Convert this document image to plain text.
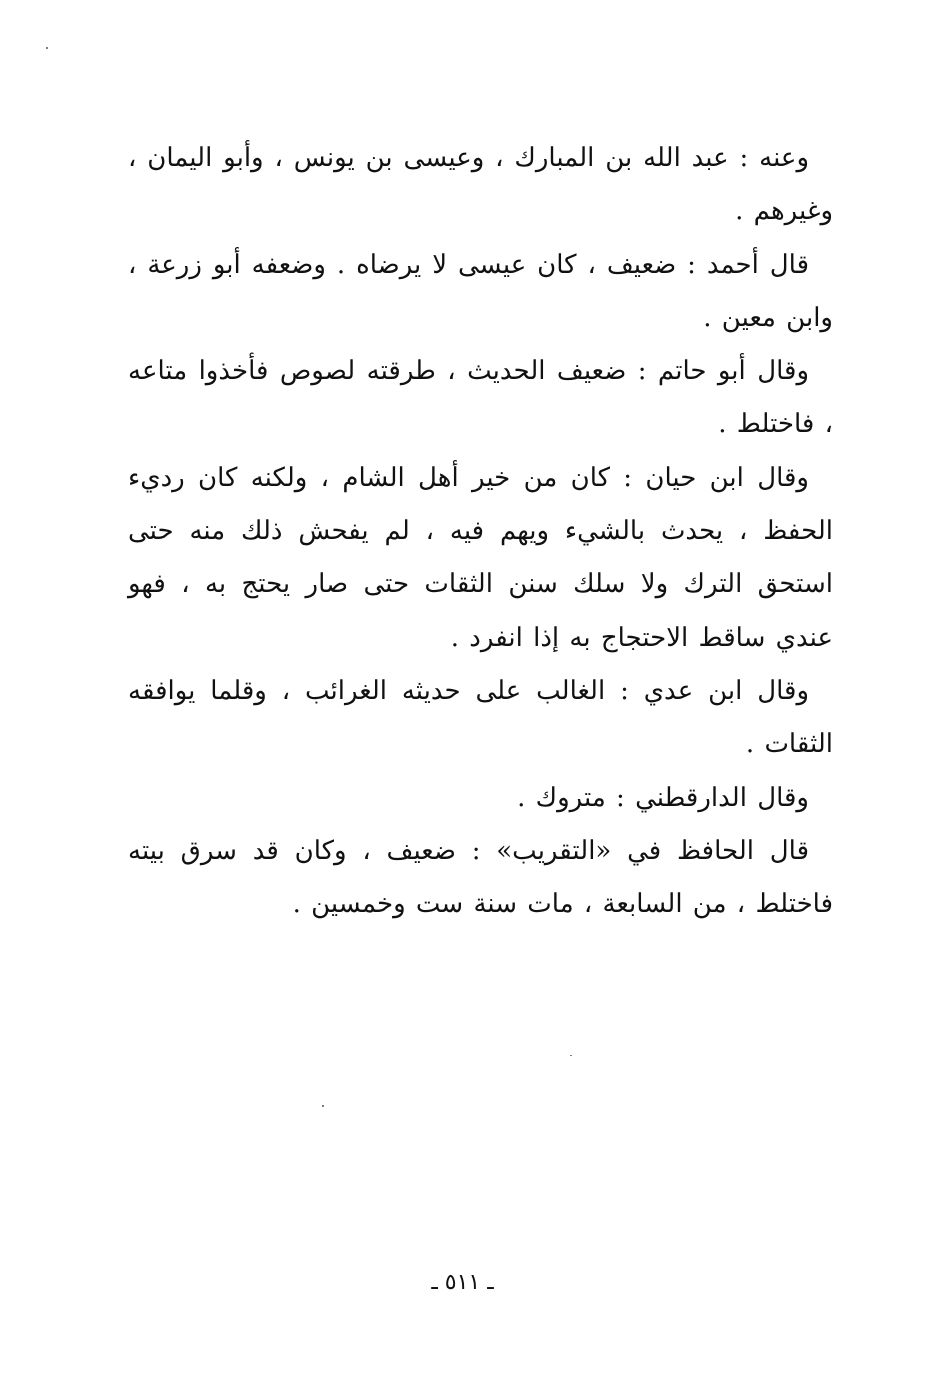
وعنه : عبد الله بن المبارك ، وعيسى بن يونس ، وأبو اليمان ، وغيرهم .

قال أحمد : ضعيف ، كان عيسى لا يرضاه . وضعفه أبو زرعة ، وابن معين .

وقال أبو حاتم : ضعيف الحديث ، طرقته لصوص فأخذوا متاعه ، فاختلط .

وقال ابن حيان : كان من خير أهل الشام ، ولكنه كان رديء الحفظ ، يحدث بالشيء ويهم فيه ، لم يفحش ذلك منه حتى استحق الترك ولا سلك سنن الثقات حتى صار يحتج به ، فهو عندي ساقط الاحتجاج به إذا انفرد .

وقال ابن عدي : الغالب على حديثه الغرائب ، وقلما يوافقه الثقات .

وقال الدارقطني : متروك .

قال الحافظ في «التقريب» : ضعيف ، وكان قد سرق بيته فاختلط ، من السابعة ، مات سنة ست وخمسين .

ـ ٥١١ ـ
